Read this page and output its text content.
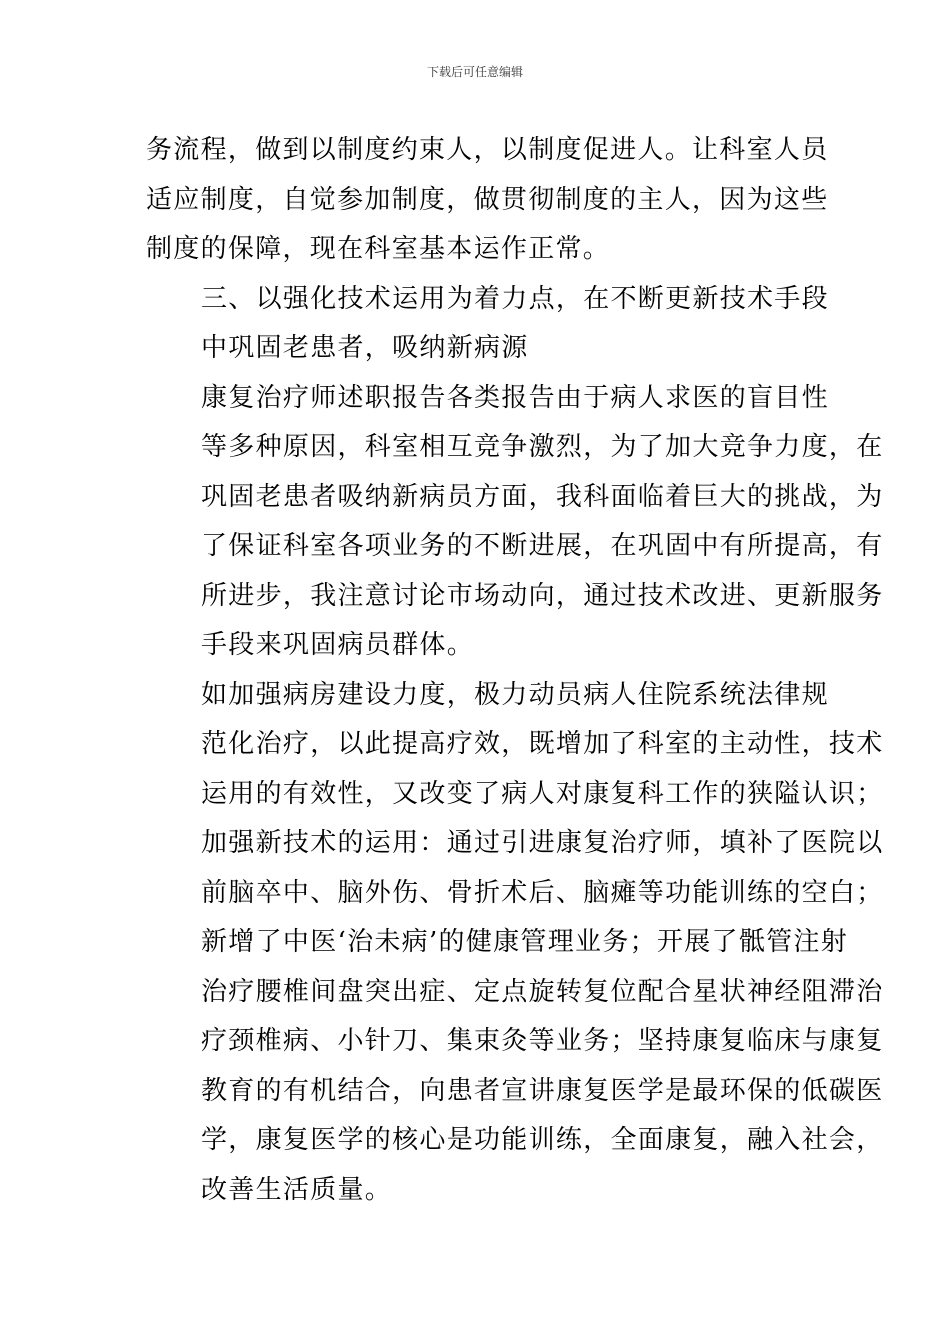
下载后可任意编辑

务流程，做到以制度约束人，以制度促进人。让科室人员
适应制度，自觉参加制度，做贯彻制度的主人，因为这些
制度的保障，现在科室基本运作正常。

三、以强化技术运用为着力点，在不断更新技术手段
中巩固老患者，吸纳新病源

康复治疗师述职报告各类报告由于病人求医的盲目性
等多种原因，科室相互竞争激烈，为了加大竞争力度，在
巩固老患者吸纳新病员方面，我科面临着巨大的挑战，为
了保证科室各项业务的不断进展，在巩固中有所提高，有
所进步，我注意讨论市场动向，通过技术改进、更新服务
手段来巩固病员群体。

如加强病房建设力度，极力动员病人住院系统法律规
范化治疗，以此提高疗效，既增加了科室的主动性，技术
运用的有效性，又改变了病人对康复科工作的狭隘认识；
加强新技术的运用：通过引进康复治疗师，填补了医院以
前脑卒中、脑外伤、骨折术后、脑瘫等功能训练的空白；
新增了中医‘治未病’的健康管理业务；开展了骶管注射
治疗腰椎间盘突出症、定点旋转复位配合星状神经阻滞治
疗颈椎病、小针刀、集束灸等业务；坚持康复临床与康复
教育的有机结合，向患者宣讲康复医学是最环保的低碳医
学，康复医学的核心是功能训练，全面康复，融入社会，
改善生活质量。
